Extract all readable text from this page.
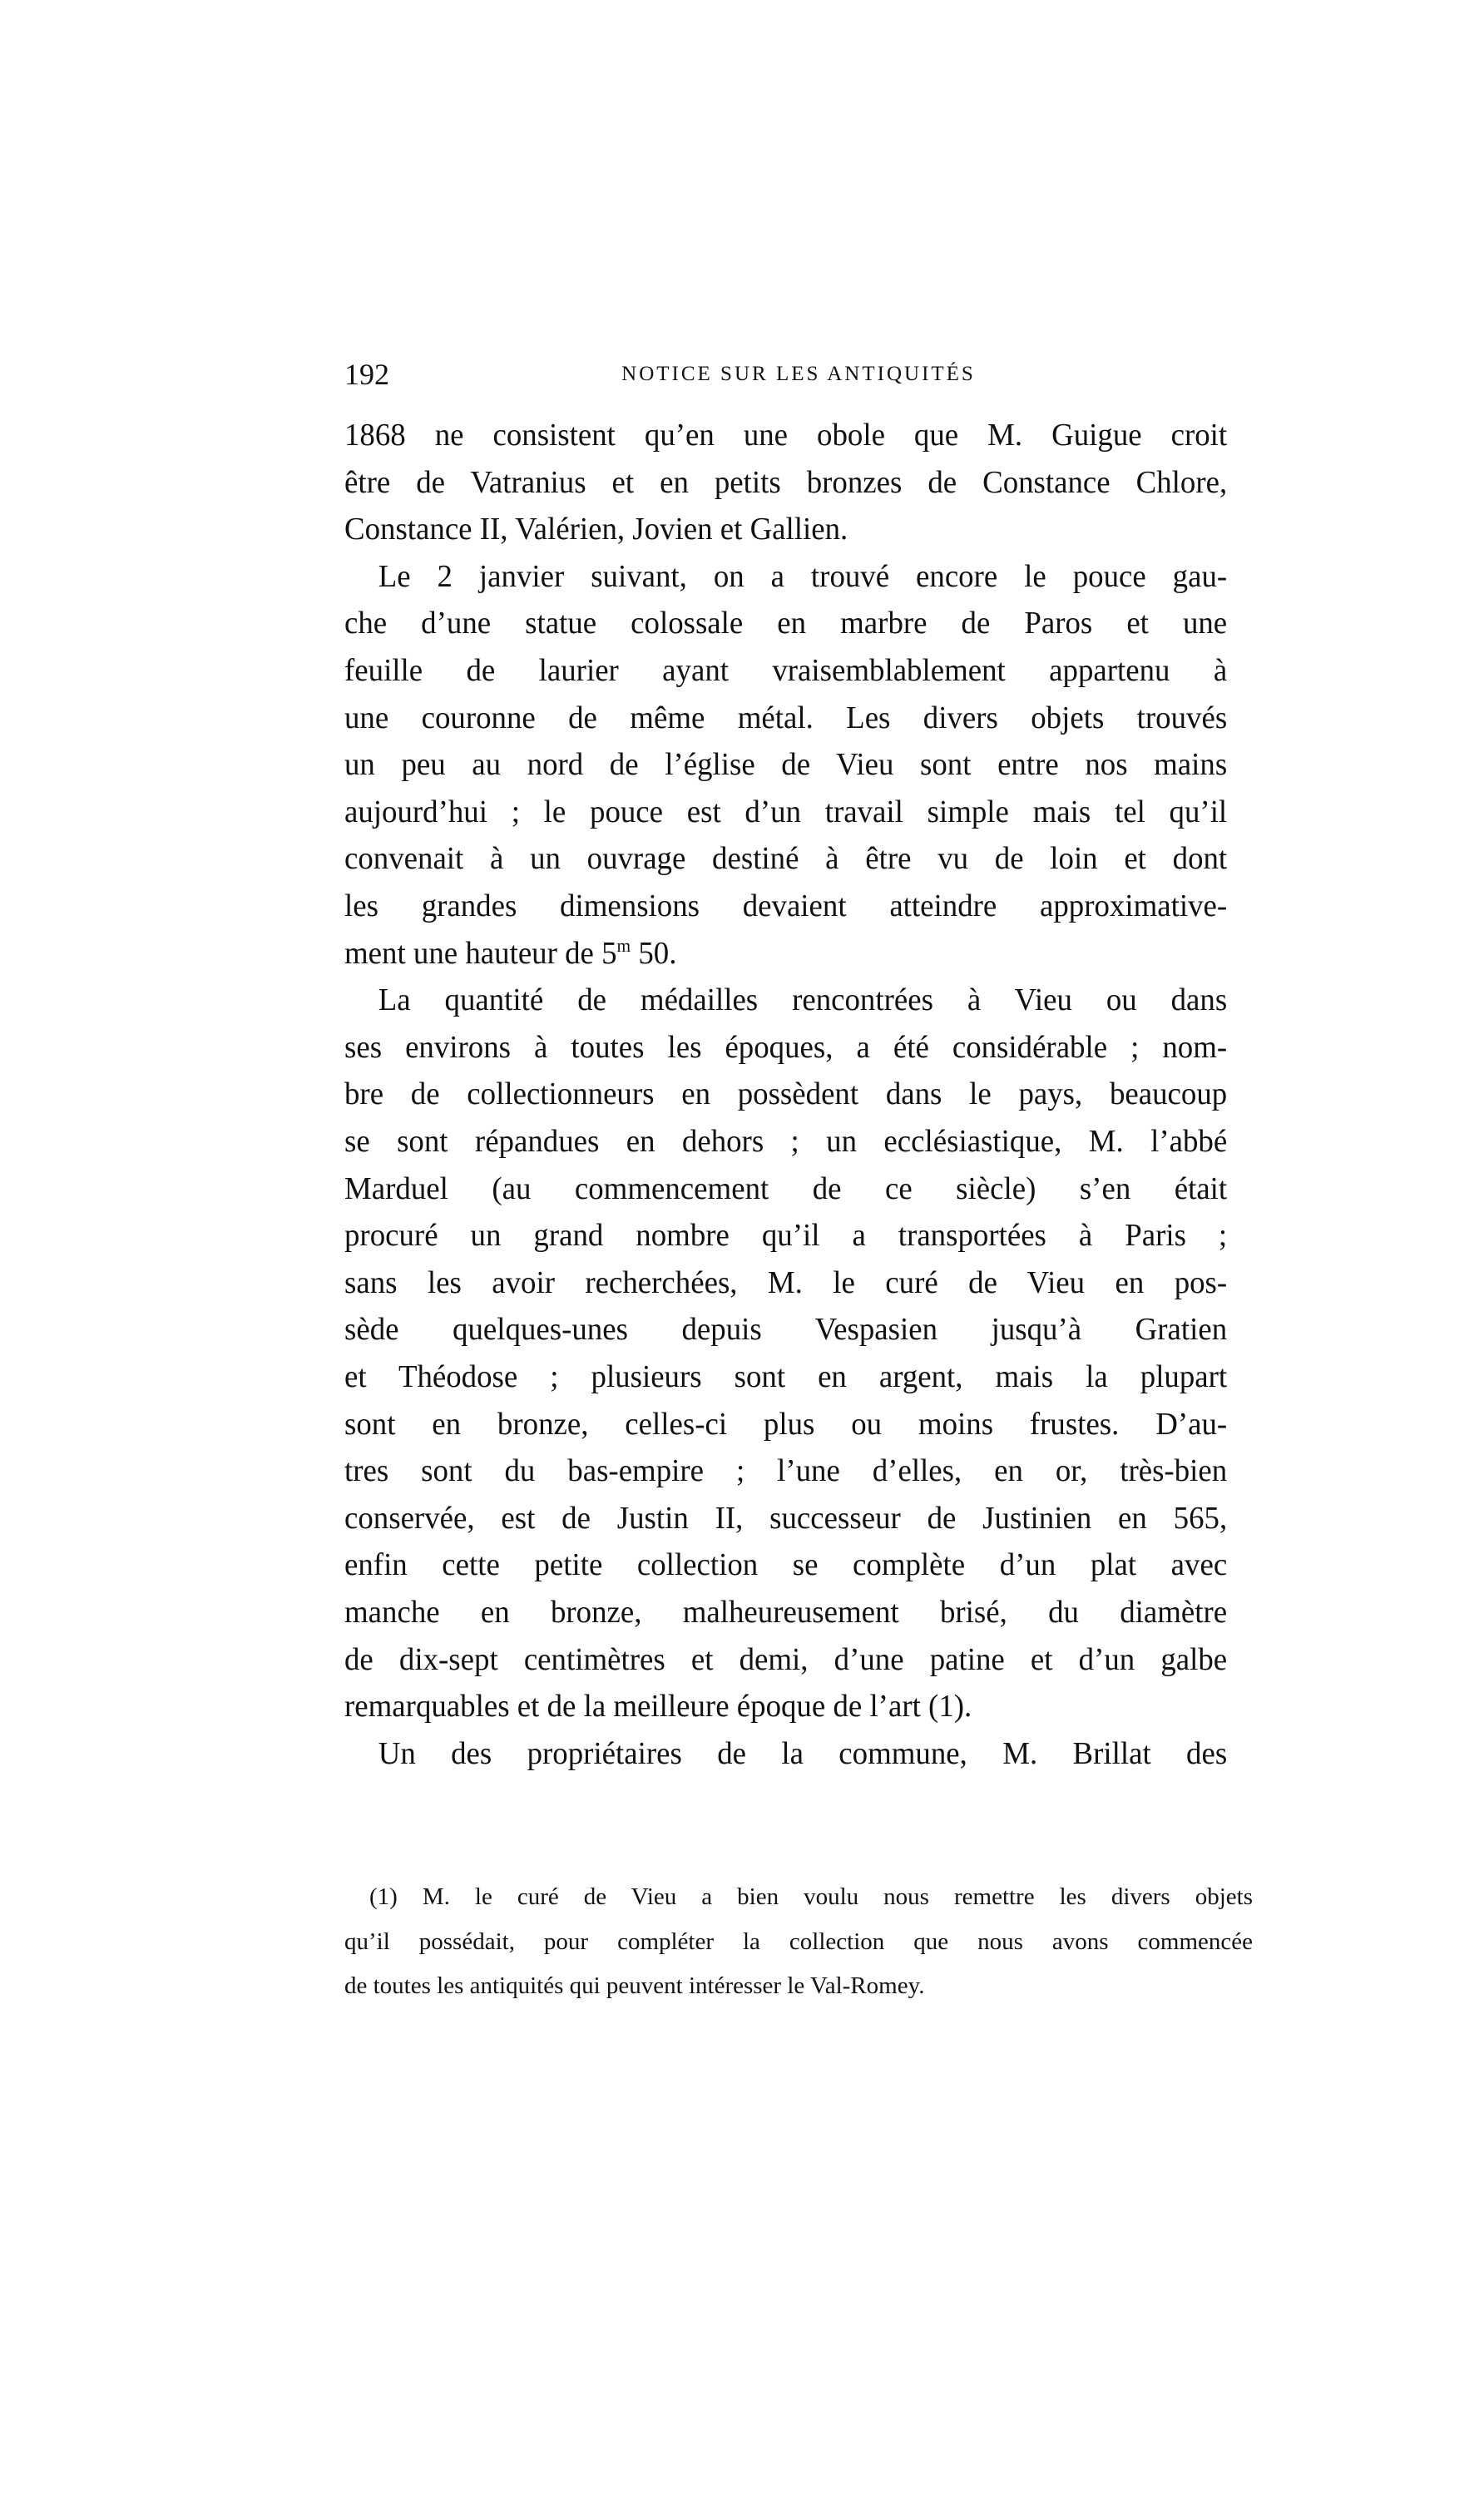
192	NOTICE SUR LES ANTIQUITÉS
1868 ne consistent qu’en une obole que M. Guigue croit
être de Vatranius et en petits bronzes de Constance Chlore,
Constance II, Valérien, Jovien et Gallien.
Le 2 janvier suivant, on a trouvé encore le pouce gau-
che d’une statue colossale en marbre de Paros et une
feuille de laurier ayant vraisemblablement appartenu à
une couronne de même métal. Les divers objets trouvés
un peu au nord de l’église de Vieu sont entre nos mains
aujourd’hui ; le pouce est d’un travail simple mais tel qu’il
convenait à un ouvrage destiné à être vu de loin et dont
les grandes dimensions devaient atteindre approximative-
ment une hauteur de 5$^m$ 50.
La quantité de médailles rencontrées à Vieu ou dans
ses environs à toutes les époques, a été considérable ; nom-
bre de collectionneurs en possèdent dans le pays, beaucoup
se sont répandues en dehors ; un ecclésiastique, M. l’abbé
Marduel (au commencement de ce siècle) s’en était
procuré un grand nombre qu’il a transportées à Paris ;
sans les avoir recherchées, M. le curé de Vieu en pos-
sède quelques-unes depuis Vespasien jusqu’à Gratien
et Théodose ; plusieurs sont en argent, mais la plupart
sont en bronze, celles-ci plus ou moins frustes. D’au-
tres sont du bas-empire ; l’une d’elles, en or, très-bien
conservée, est de Justin II, successeur de Justinien en 565,
enfin cette petite collection se complète d’un plat avec
manche en bronze, malheureusement brisé, du diamètre
de dix-sept centimètres et demi, d’une patine et d’un galbe
remarquables et de la meilleure époque de l’art (1).
Un des propriétaires de la commune, M. Brillat des
(1) M. le curé de Vieu a bien voulu nous remettre les divers objets
qu’il possédait, pour compléter la collection que nous avons commencée
de toutes les antiquités qui peuvent intéresser le Val-Romey.
